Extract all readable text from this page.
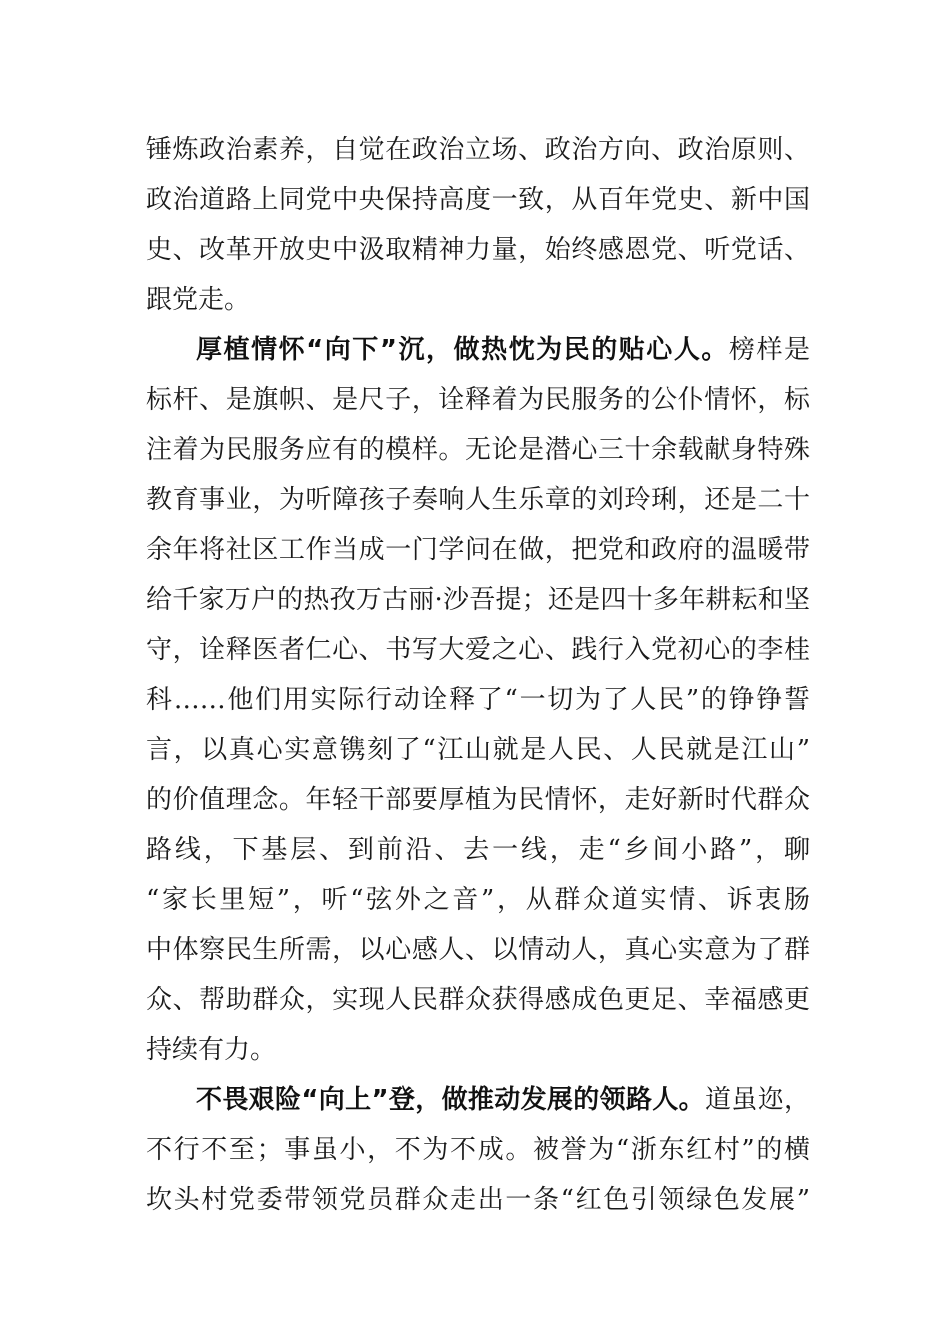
锤炼政治素养，自觉在政治立场、政治方向、政治原则、
政治道路上同党中央保持高度一致，从百年党史、新中国
史、改革开放史中汲取精神力量，始终感恩党、听党话、
跟党走。
厚植情怀“向下”沉，做热忱为民的贴心人。榜样是
标杆、是旗帜、是尺子，诠释着为民服务的公仆情怀，标
注着为民服务应有的模样。无论是潜心三十余载献身特殊
教育事业，为听障孩子奏响人生乐章的刘玲琍，还是二十
余年将社区工作当成一门学问在做，把党和政府的温暖带
给千家万户的热孜万古丽·沙吾提；还是四十多年耕耘和坚
守，诠释医者仁心、书写大爱之心、践行入党初心的李桂
科……他们用实际行动诠释了“一切为了人民”的铮铮誓
言，以真心实意镌刻了“江山就是人民、人民就是江山”
的价值理念。年轻干部要厚植为民情怀，走好新时代群众
路线，下基层、到前沿、去一线，走“乡间小路”，聊
“家长里短”，听“弦外之音”，从群众道实情、诉衷肠
中体察民生所需，以心感人、以情动人，真心实意为了群
众、帮助群众，实现人民群众获得感成色更足、幸福感更
持续有力。
不畏艰险“向上”登，做推动发展的领路人。道虽迩，
不行不至；事虽小，不为不成。被誉为“浙东红村”的横
坎头村党委带领党员群众走出一条“红色引领绿色发展”
